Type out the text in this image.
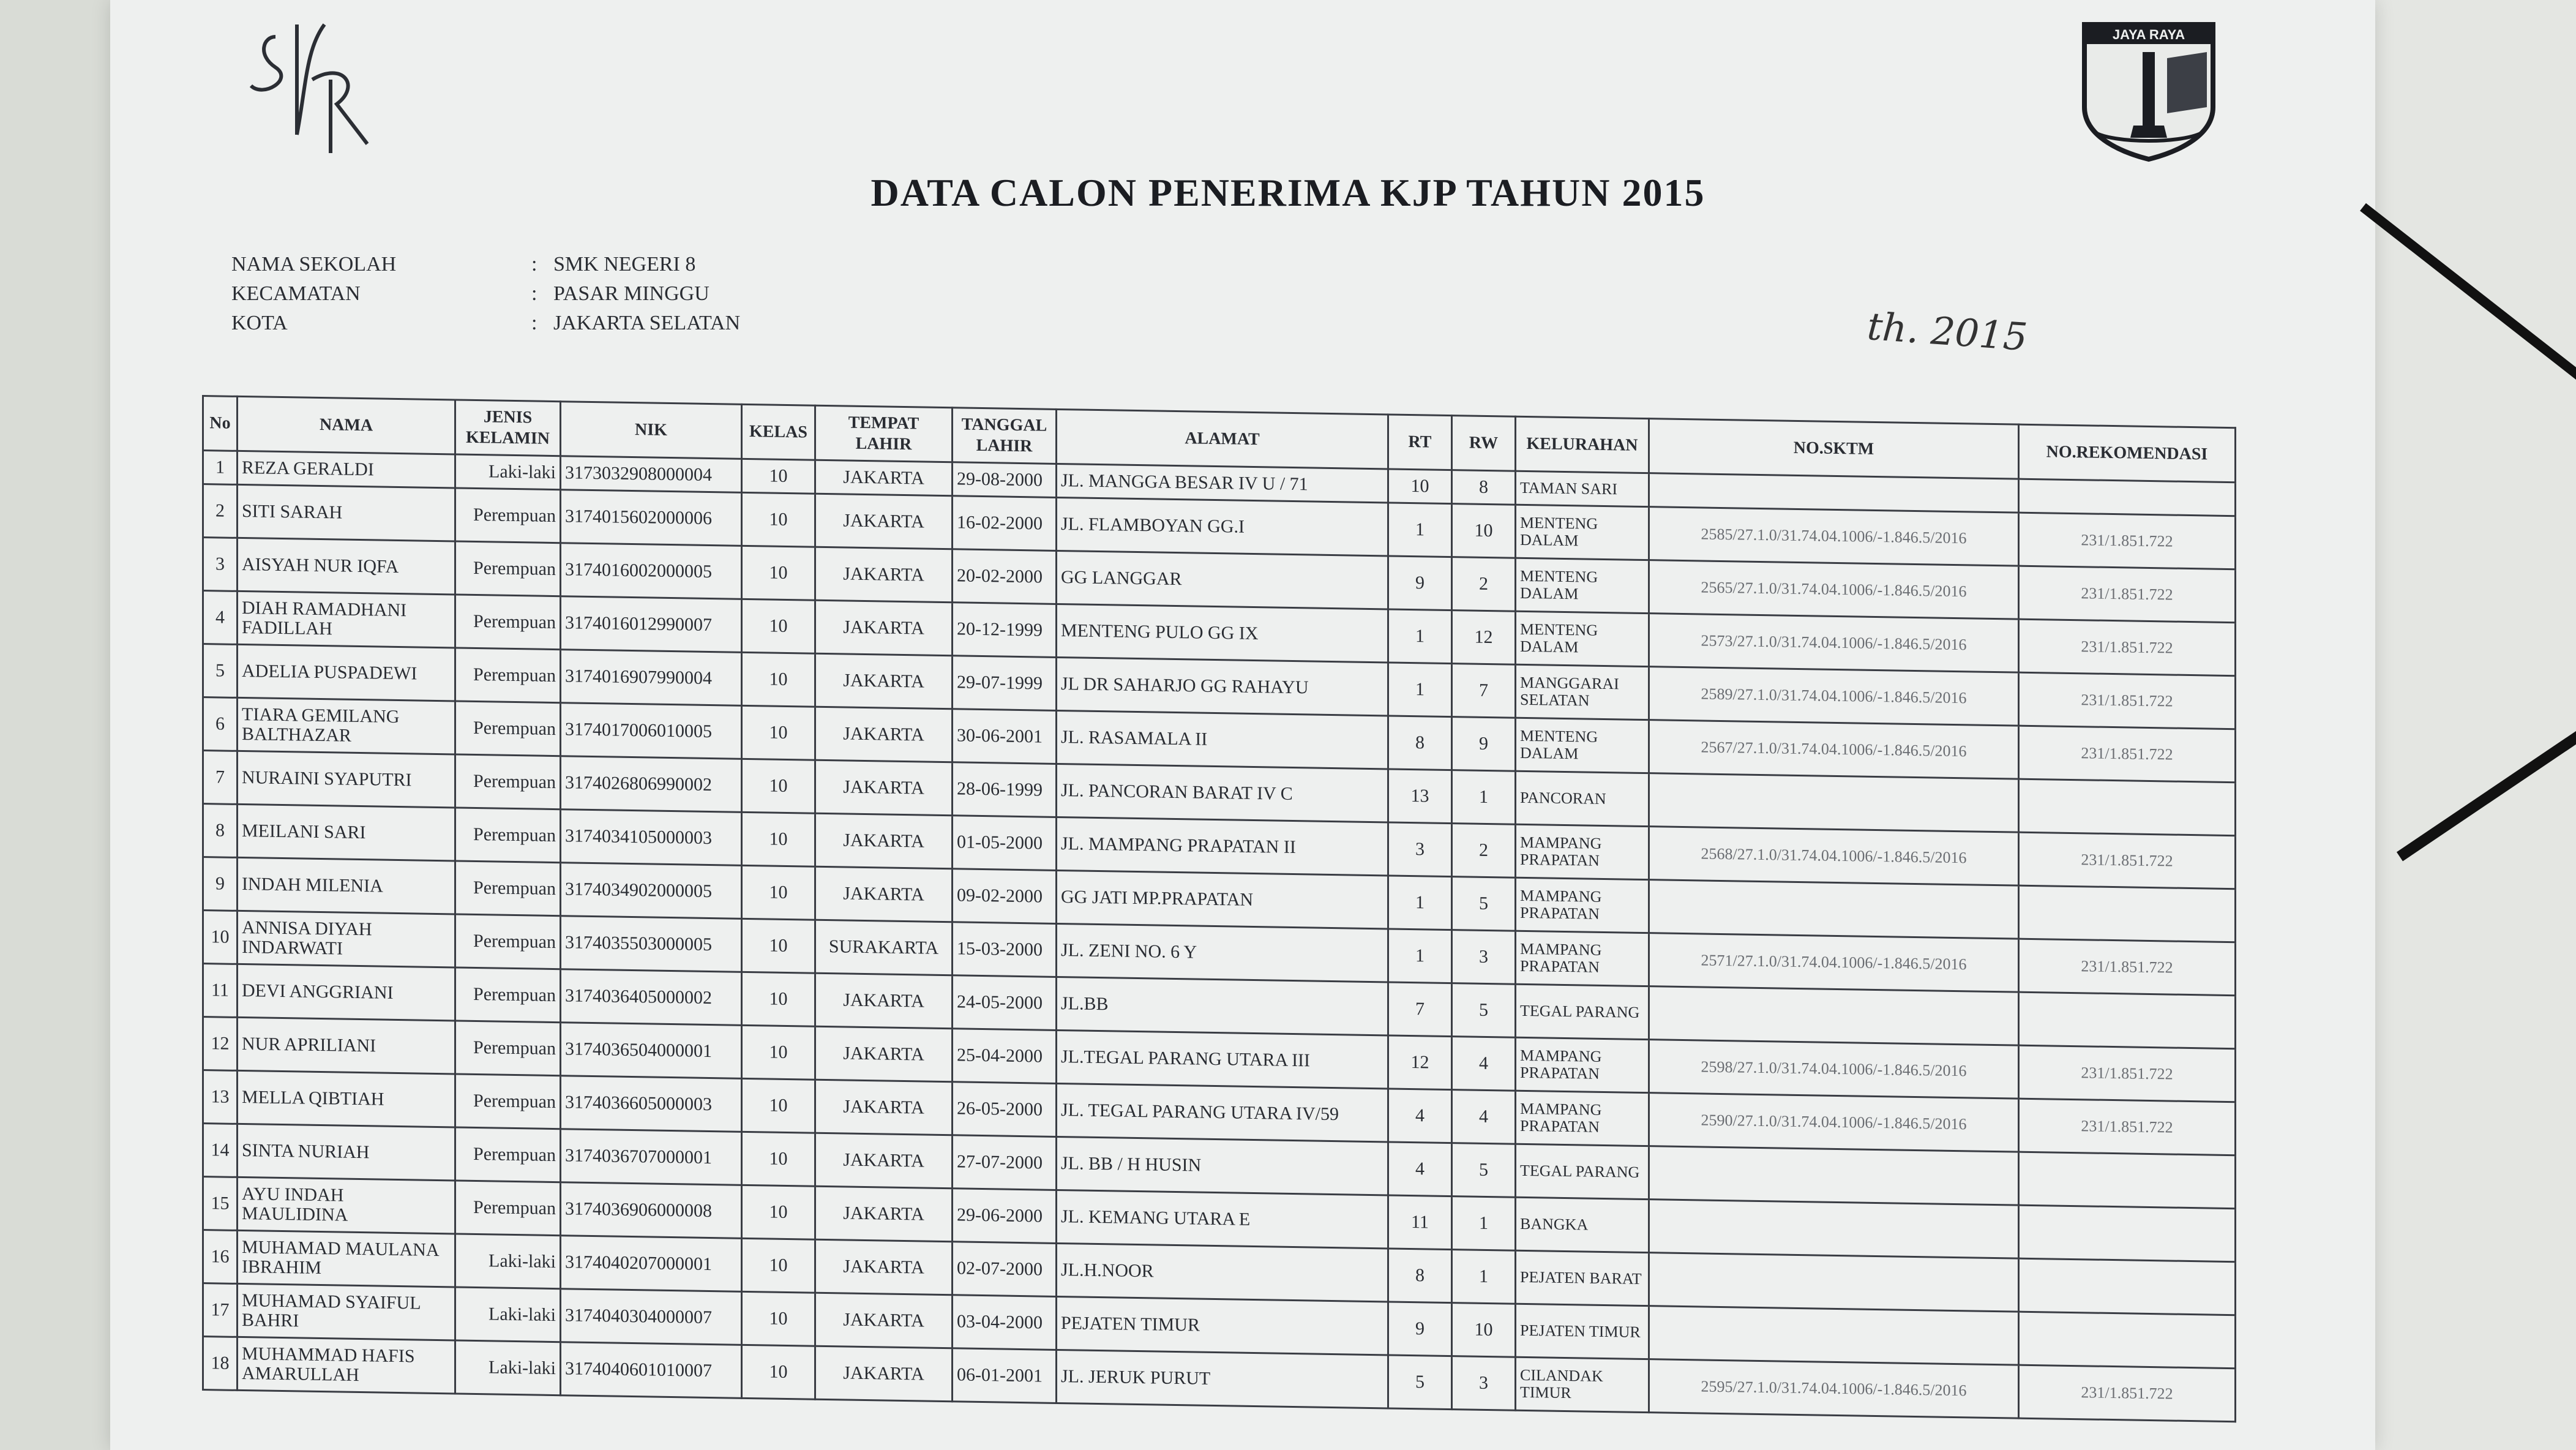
JAYA RAYA
DATA CALON PENERIMA KJP TAHUN 2015
NAMA SEKOLAH	: SMK NEGERI 8
KECAMATAN	: PASAR MINGGU
KOTA	: JAKARTA SELATAN	th. 2015
No	NAMA	JENIS KELAMIN	NIK	KELAS	TEMPAT LAHIR	TANGGAL LAHIR	ALAMAT	RT	RW	KELURAHAN	NO.SKTM	NO.REKOMENDASI
1	REZA GERALDI	Laki-laki	3173032908000004	10	JAKARTA	29-08-2000	JL. MANGGA BESAR IV U / 71	10	8	TAMAN SARI		
2	SITI SARAH	Perempuan	3174015602000006	10	JAKARTA	16-02-2000	JL. FLAMBOYAN GG.I	1	10	MENTENG DALAM	2585/27.1.0/31.74.04.1006/-1.846.5/2016	231/1.851.722
3	AISYAH NUR IQFA	Perempuan	3174016002000005	10	JAKARTA	20-02-2000	GG LANGGAR	9	2	MENTENG DALAM	2565/27.1.0/31.74.04.1006/-1.846.5/2016	231/1.851.722
4	DIAH RAMADHANI FADILLAH	Perempuan	3174016012990007	10	JAKARTA	20-12-1999	MENTENG PULO GG IX	1	12	MENTENG DALAM	2573/27.1.0/31.74.04.1006/-1.846.5/2016	231/1.851.722
5	ADELIA PUSPADEWI	Perempuan	3174016907990004	10	JAKARTA	29-07-1999	JL DR SAHARJO GG RAHAYU	1	7	MANGGARAI SELATAN	2589/27.1.0/31.74.04.1006/-1.846.5/2016	231/1.851.722
6	TIARA GEMILANG BALTHAZAR	Perempuan	3174017006010005	10	JAKARTA	30-06-2001	JL. RASAMALA II	8	9	MENTENG DALAM	2567/27.1.0/31.74.04.1006/-1.846.5/2016	231/1.851.722
7	NURAINI SYAPUTRI	Perempuan	3174026806990002	10	JAKARTA	28-06-1999	JL. PANCORAN BARAT IV C	13	1	PANCORAN		
8	MEILANI SARI	Perempuan	3174034105000003	10	JAKARTA	01-05-2000	JL. MAMPANG PRAPATAN II	3	2	MAMPANG PRAPATAN	2568/27.1.0/31.74.04.1006/-1.846.5/2016	231/1.851.722
9	INDAH MILENIA	Perempuan	3174034902000005	10	JAKARTA	09-02-2000	GG JATI MP.PRAPATAN	1	5	MAMPANG PRAPATAN		
10	ANNISA DIYAH INDARWATI	Perempuan	3174035503000005	10	SURAKARTA	15-03-2000	JL. ZENI NO. 6 Y	1	3	MAMPANG PRAPATAN	2571/27.1.0/31.74.04.1006/-1.846.5/2016	231/1.851.722
11	DEVI ANGGRIANI	Perempuan	3174036405000002	10	JAKARTA	24-05-2000	JL.BB	7	5	TEGAL PARANG		
12	NUR APRILIANI	Perempuan	3174036504000001	10	JAKARTA	25-04-2000	JL.TEGAL PARANG UTARA III	12	4	MAMPANG PRAPATAN	2598/27.1.0/31.74.04.1006/-1.846.5/2016	231/1.851.722
13	MELLA QIBTIAH	Perempuan	3174036605000003	10	JAKARTA	26-05-2000	JL. TEGAL PARANG UTARA IV/59	4	4	MAMPANG PRAPATAN	2590/27.1.0/31.74.04.1006/-1.846.5/2016	231/1.851.722
14	SINTA NURIAH	Perempuan	3174036707000001	10	JAKARTA	27-07-2000	JL. BB / H HUSIN	4	5	TEGAL PARANG		
15	AYU INDAH MAULIDINA	Perempuan	3174036906000008	10	JAKARTA	29-06-2000	JL. KEMANG UTARA E	11	1	BANGKA		
16	MUHAMAD MAULANA IBRAHIM	Laki-laki	3174040207000001	10	JAKARTA	02-07-2000	JL.H.NOOR	8	1	PEJATEN BARAT		
17	MUHAMAD SYAIFUL BAHRI	Laki-laki	3174040304000007	10	JAKARTA	03-04-2000	PEJATEN TIMUR	9	10	PEJATEN TIMUR		
18	MUHAMMAD HAFIS AMARULLAH	Laki-laki	3174040601010007	10	JAKARTA	06-01-2001	JL. JERUK PURUT	5	3	CILANDAK TIMUR	2595/27.1.0/31.74.04.1006/-1.846.5/2016	231/1.851.722
